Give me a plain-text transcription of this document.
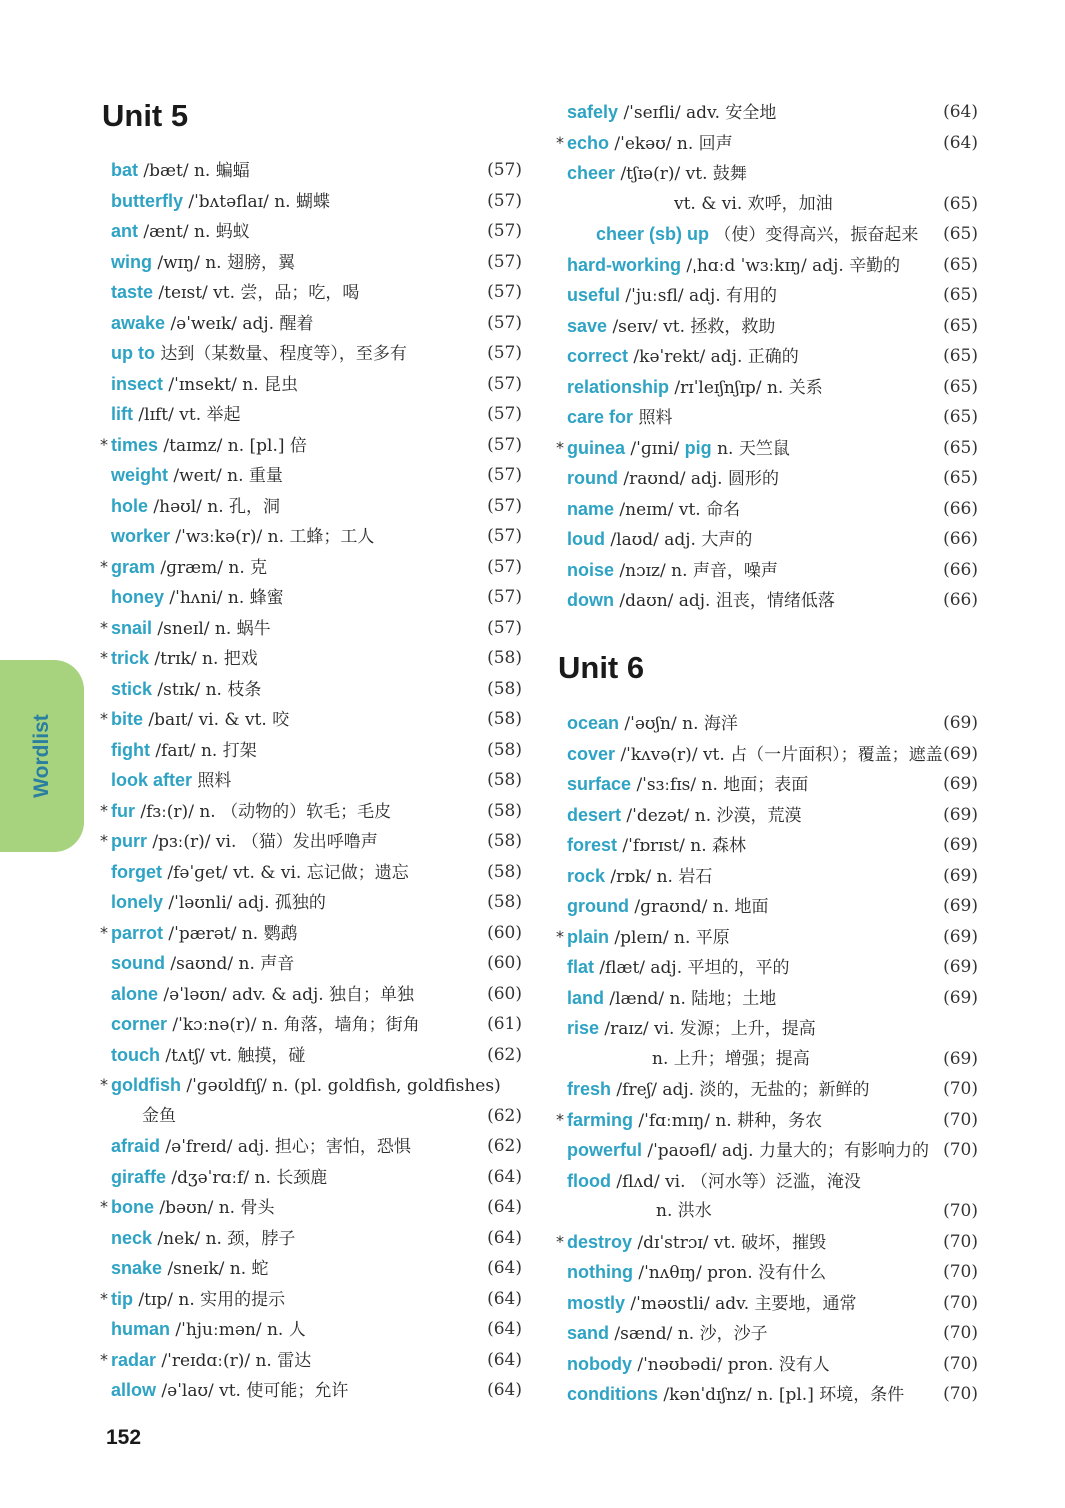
Wordlist
Unit 5
bat /bæt/ n. 蝙蝠	(57)
butterfly /ˈbʌtəflaɪ/ n. 蝴蝶	(57)
ant /ænt/ n. 蚂蚁	(57)
wing /wɪŋ/ n. 翅膀，翼	(57)
taste /teɪst/ vt. 尝，品；吃，喝	(57)
awake /əˈweɪk/ adj. 醒着	(57)
up to 达到（某数量、程度等），至多有	(57)
insect /ˈɪnsekt/ n. 昆虫	(57)
lift /lɪft/ vt. 举起	(57)
* times /taɪmz/ n. [pl.] 倍	(57)
weight /weɪt/ n. 重量	(57)
hole /həʊl/ n. 孔，洞	(57)
worker /ˈwɜːkə(r)/ n. 工蜂；工人	(57)
* gram /ɡræm/ n. 克	(57)
honey /ˈhʌni/ n. 蜂蜜	(57)
* snail /sneɪl/ n. 蜗牛	(57)
* trick /trɪk/ n. 把戏	(58)
stick /stɪk/ n. 枝条	(58)
* bite /baɪt/ vi. & vt. 咬	(58)
fight /faɪt/ n. 打架	(58)
look after 照料	(58)
* fur /fɜː(r)/ n. （动物的）软毛；毛皮	(58)
* purr /pɜː(r)/ vi. （猫）发出呼噜声	(58)
forget /fəˈɡet/ vt. & vi. 忘记做；遗忘	(58)
lonely /ˈləʊnli/ adj. 孤独的	(58)
* parrot /ˈpærət/ n. 鹦鹉	(60)
sound /saʊnd/ n. 声音	(60)
alone /əˈləʊn/ adv. & adj. 独自；单独	(60)
corner /ˈkɔːnə(r)/ n. 角落，墙角；街角	(61)
touch /tʌtʃ/ vt. 触摸，碰	(62)
* goldfish /ˈɡəʊldfɪʃ/ n. (pl. goldfish, goldfishes)
金鱼	(62)
afraid /əˈfreɪd/ adj. 担心；害怕，恐惧	(62)
giraffe /dʒəˈrɑːf/ n. 长颈鹿	(64)
* bone /bəʊn/ n. 骨头	(64)
neck /nek/ n. 颈，脖子	(64)
snake /sneɪk/ n. 蛇	(64)
* tip /tɪp/ n. 实用的提示	(64)
human /ˈhjuːmən/ n. 人	(64)
* radar /ˈreɪdɑː(r)/ n. 雷达	(64)
allow /əˈlaʊ/ vt. 使可能；允许	(64)
Unit 6
safely /ˈseɪfli/ adv. 安全地	(64)
* echo /ˈekəʊ/ n. 回声	(64)
cheer /tʃɪə(r)/ vt. 鼓舞
vt. & vi. 欢呼，加油	(65)
cheer (sb) up （使）变得高兴，振奋起来 (65)
hard-working /ˌhɑːd ˈwɜːkɪŋ/ adj. 辛勤的	(65)
useful /ˈjuːsfl/ adj. 有用的	(65)
save /seɪv/ vt. 拯救，救助	(65)
correct /kəˈrekt/ adj. 正确的	(65)
relationship /rɪˈleɪʃnʃɪp/ n. 关系	(65)
care for 照料	(65)
* guinea /ˈɡɪni/ pig n. 天竺鼠	(65)
round /raʊnd/ adj. 圆形的	(65)
name /neɪm/ vt. 命名	(66)
loud /laʊd/ adj. 大声的	(66)
noise /nɔɪz/ n. 声音，噪声	(66)
down /daʊn/ adj. 沮丧，情绪低落	(66)
ocean /ˈəʊʃn/ n. 海洋	(69)
cover /ˈkʌvə(r)/ vt. 占（一片面积）；覆盖；遮盖 (69)
surface /ˈsɜːfɪs/ n. 地面；表面	(69)
desert /ˈdezət/ n. 沙漠，荒漠	(69)
forest /ˈfɒrɪst/ n. 森林	(69)
rock /rɒk/ n. 岩石	(69)
ground /ɡraʊnd/ n. 地面	(69)
* plain /pleɪn/ n. 平原	(69)
flat /flæt/ adj. 平坦的，平的	(69)
land /lænd/ n. 陆地；土地	(69)
rise /raɪz/ vi. 发源；上升，提高
n. 上升；增强；提高	(69)
fresh /freʃ/ adj. 淡的，无盐的；新鲜的	(70)
* farming /ˈfɑːmɪŋ/ n. 耕种，务农	(70)
powerful /ˈpaʊəfl/ adj. 力量大的；有影响力的 (70)
flood /flʌd/ vi. （河水等）泛滥，淹没
n. 洪水	(70)
* destroy /dɪˈstrɔɪ/ vt. 破坏，摧毁	(70)
nothing /ˈnʌθɪŋ/ pron. 没有什么	(70)
mostly /ˈməʊstli/ adv. 主要地，通常	(70)
sand /sænd/ n. 沙，沙子	(70)
nobody /ˈnəʊbədi/ pron. 没有人	(70)
conditions /kənˈdɪʃnz/ n. [pl.] 环境，条件 (70)
152
